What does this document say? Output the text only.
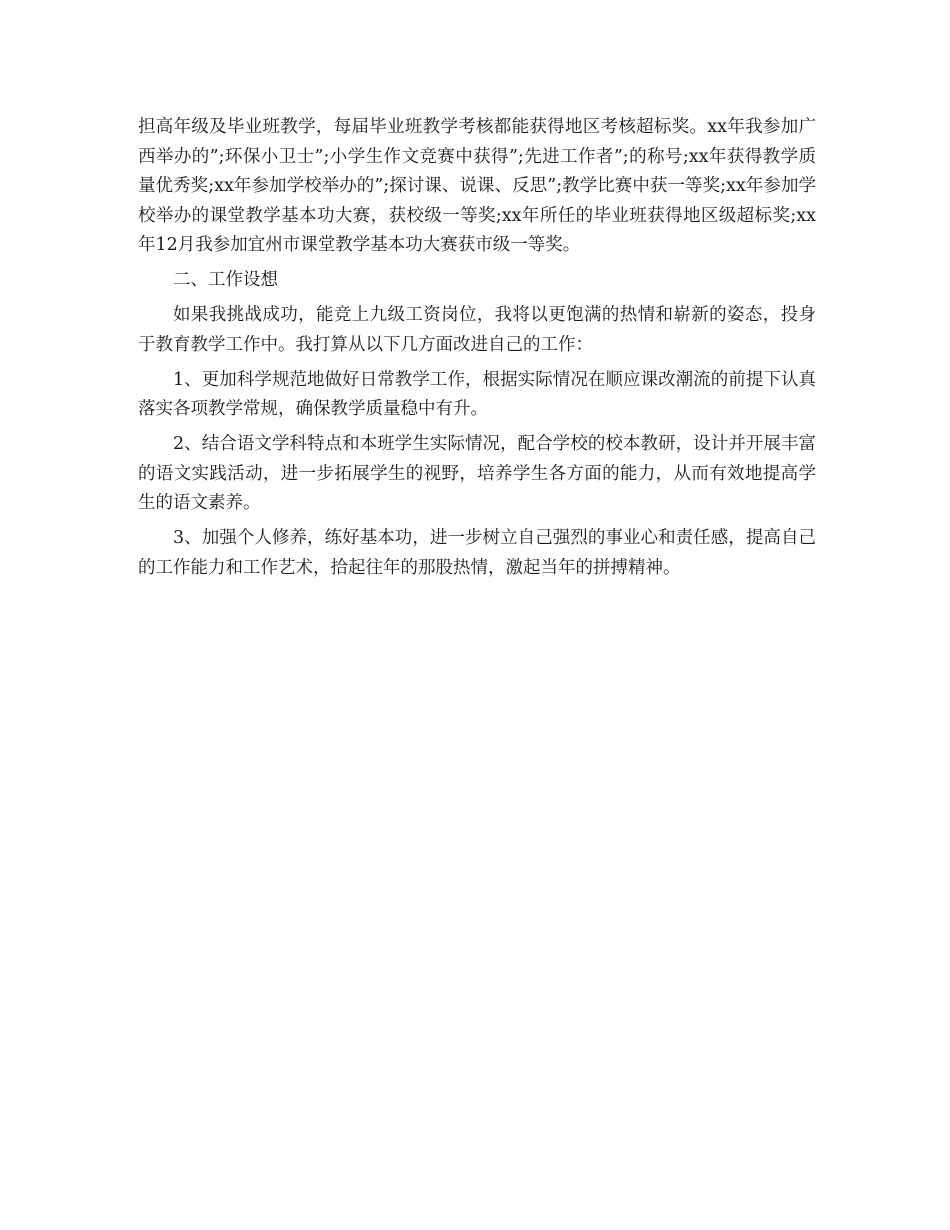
担高年级及毕业班教学，每届毕业班教学考核都能获得地区考核超标奖。xx年我参加广西举办的”;环保小卫士”;小学生作文竞赛中获得”;先进工作者”;的称号;xx年获得教学质量优秀奖;xx年参加学校举办的”;探讨课、说课、反思”;教学比赛中获一等奖;xx年参加学校举办的课堂教学基本功大赛，获校级一等奖;xx年所任的毕业班获得地区级超标奖;xx年12月我参加宜州市课堂教学基本功大赛获市级一等奖。

二、工作设想

如果我挑战成功，能竞上九级工资岗位，我将以更饱满的热情和崭新的姿态，投身于教育教学工作中。我打算从以下几方面改进自己的工作：

1、更加科学规范地做好日常教学工作，根据实际情况在顺应课改潮流的前提下认真落实各项教学常规，确保教学质量稳中有升。

2、结合语文学科特点和本班学生实际情况，配合学校的校本教研，设计并开展丰富的语文实践活动，进一步拓展学生的视野，培养学生各方面的能力，从而有效地提高学生的语文素养。

3、加强个人修养，练好基本功，进一步树立自己强烈的事业心和责任感，提高自己的工作能力和工作艺术，拾起往年的那股热情，激起当年的拼搏精神。
